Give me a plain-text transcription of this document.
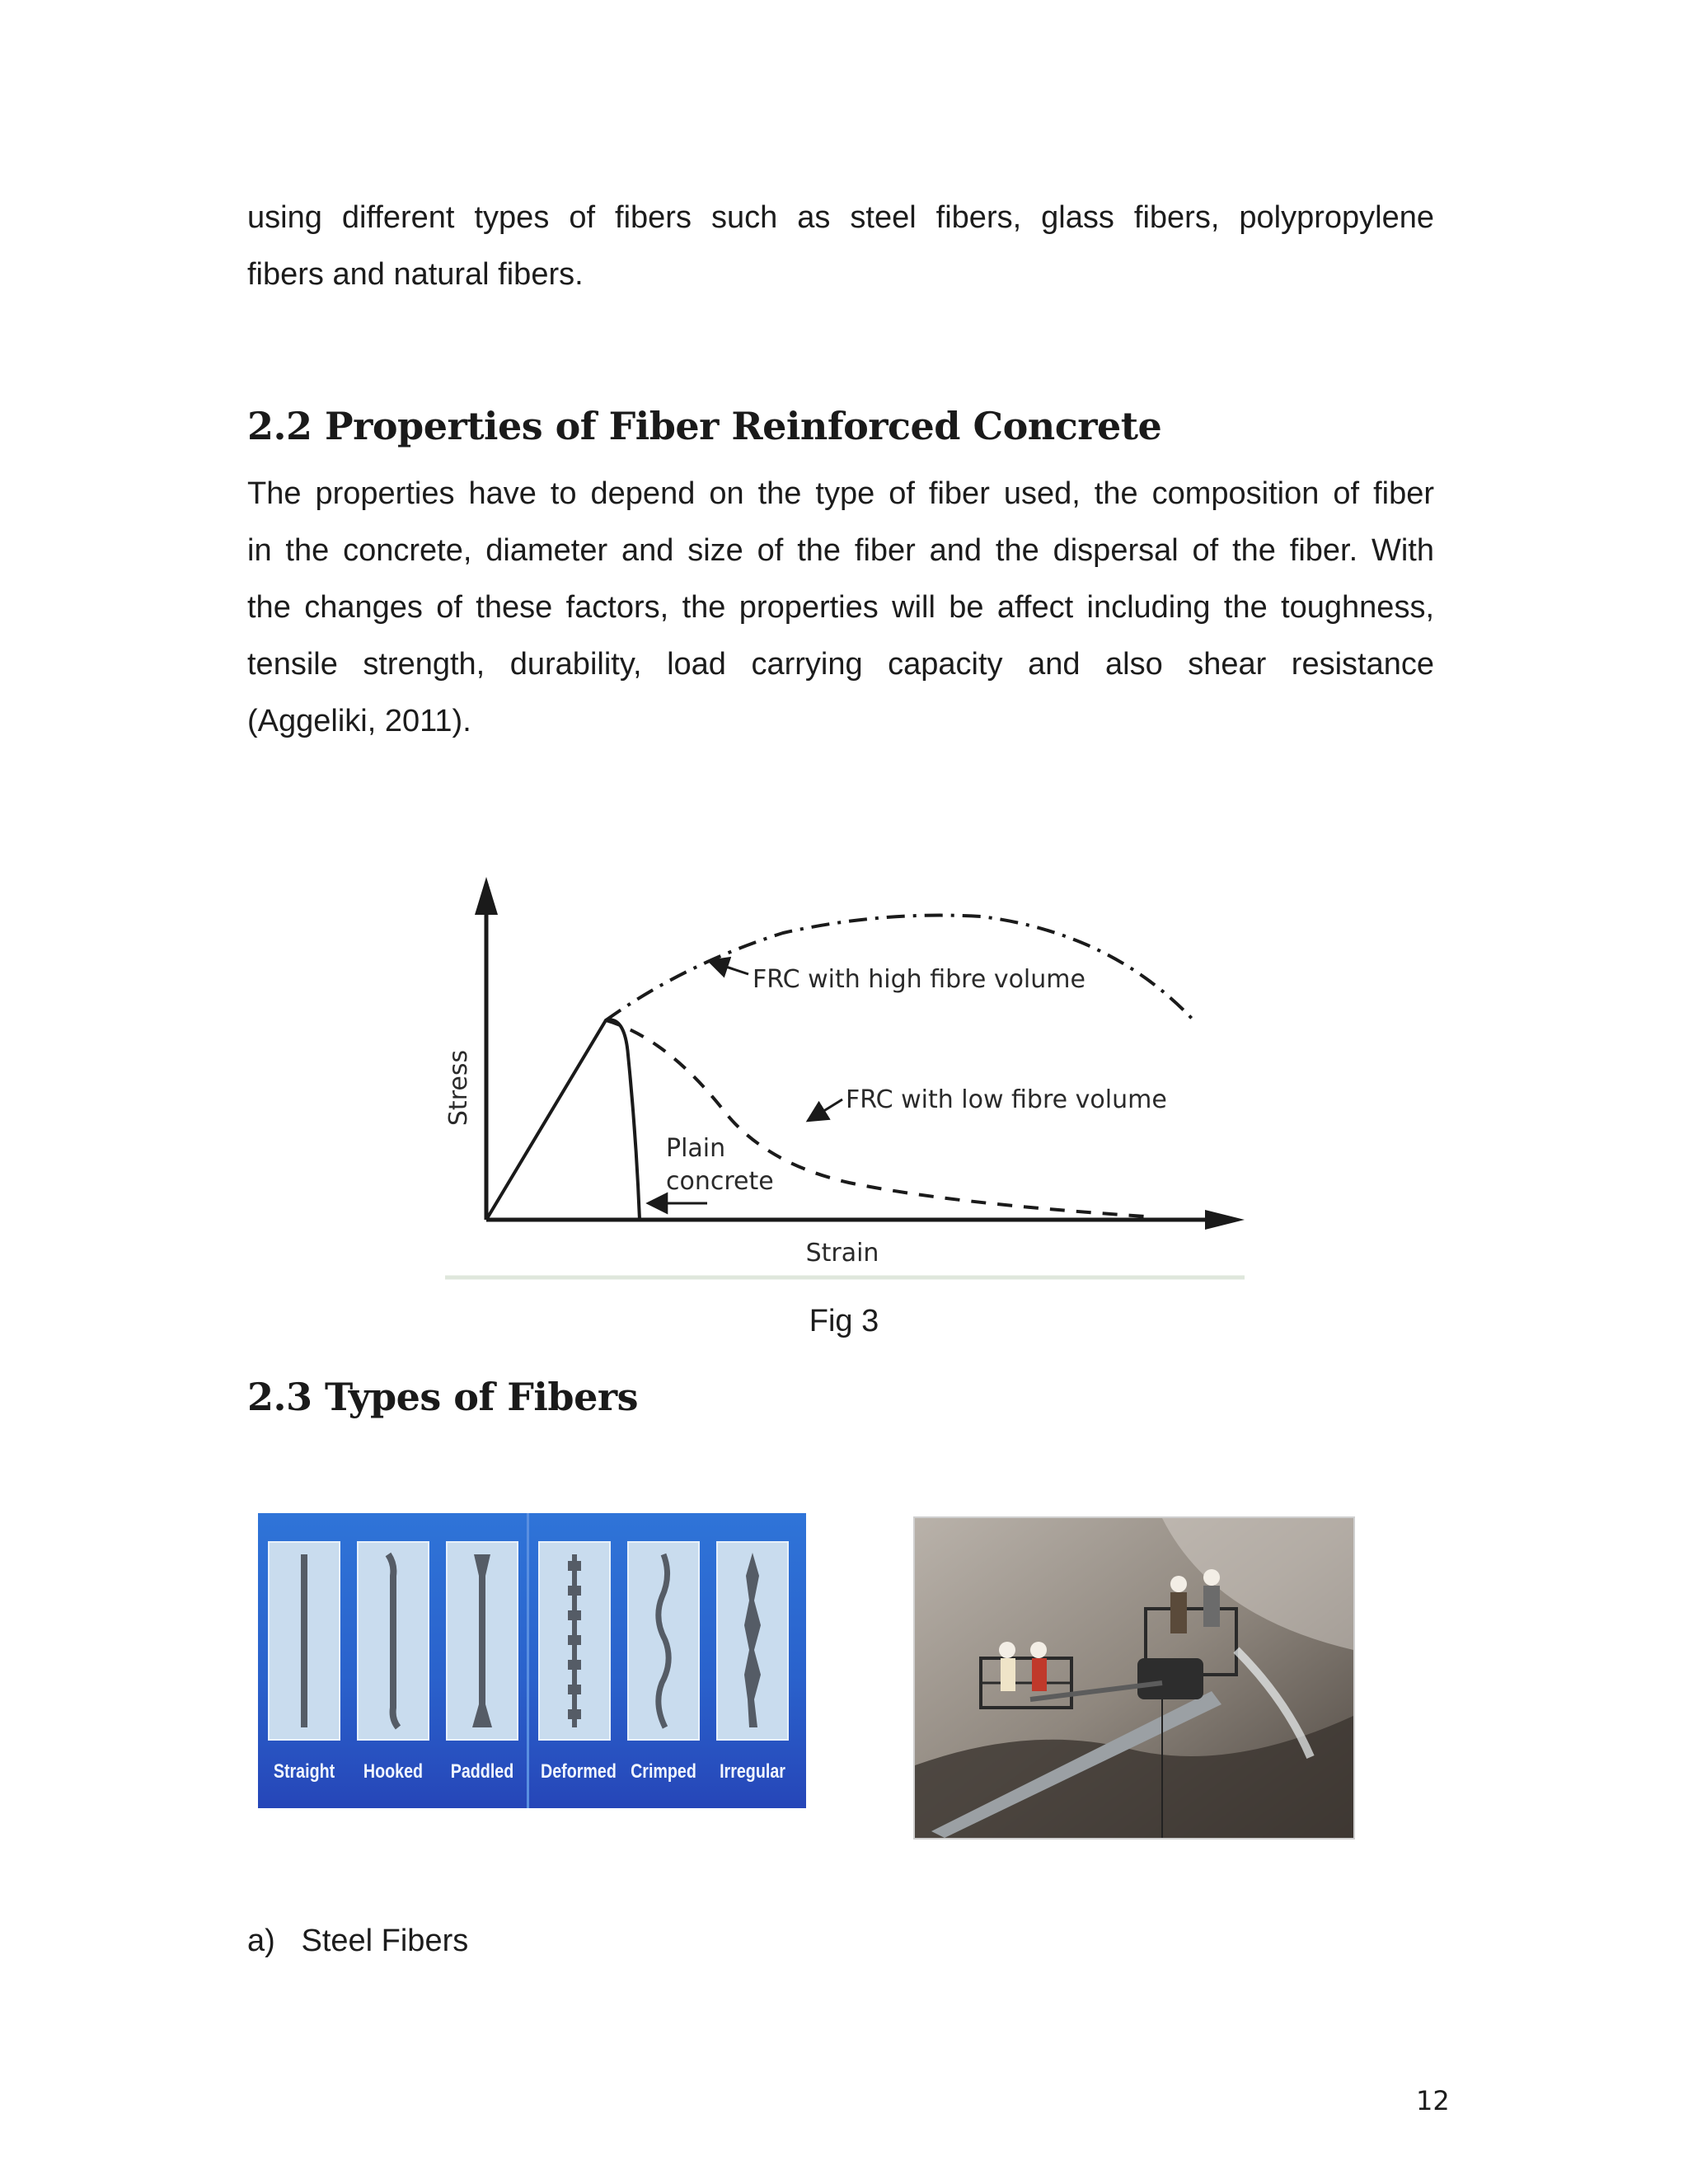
using different types of fibers such as steel fibers, glass fibers, polypropylene
fibers and natural fibers.

2.2 Properties of Fiber Reinforced Concrete

The properties have to depend on the type of fiber used, the composition of fiber
in the concrete, diameter and size of the fiber and the dispersal of the fiber. With
the changes of these factors, the properties will be affect including the toughness,
tensile strength, durability, load carrying capacity and also shear resistance
(Aggeliki, 2011).

Stress
Strain
FRC with high fibre volume
FRC with low fibre volume
Plain
concrete
Fig 3
2.3 Types of Fibers
Straight Hooked Paddled Deformed Crimped Irregular

a) Steel Fibers

12
